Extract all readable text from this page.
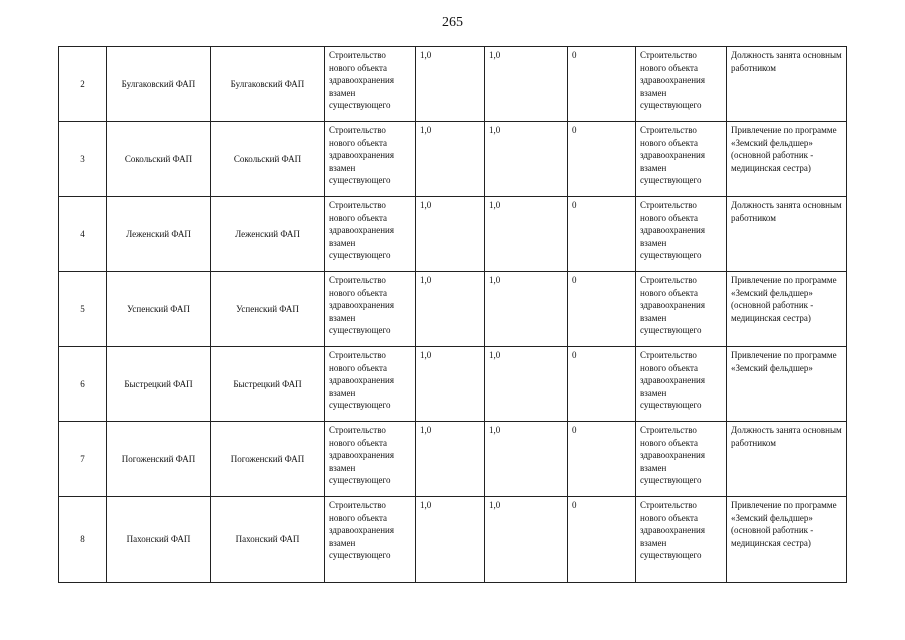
265
2	Булгаковский ФАП	Булгаковский ФАП	Строительство нового объекта здравоохранения взамен существующего	1,0	1,0	0	Строительство нового объекта здравоохранения взамен существующего	Должность занята основным работником
3	Сокольский ФАП	Сокольский ФАП	Строительство нового объекта здравоохранения взамен существующего	1,0	1,0	0	Строительство нового объекта здравоохранения взамен существующего	Привлечение по программе «Земский фельдшер» (основной работник - медицинская сестра)
4	Леженский ФАП	Леженский ФАП	Строительство нового объекта здравоохранения взамен существующего	1,0	1,0	0	Строительство нового объекта здравоохранения взамен существующего	Должность занята основным работником
5	Успенский ФАП	Успенский ФАП	Строительство нового объекта здравоохранения взамен существующего	1,0	1,0	0	Строительство нового объекта здравоохранения взамен существующего	Привлечение по программе «Земский фельдшер» (основной работник - медицинская сестра)
6	Быстрецкий ФАП	Быстрецкий ФАП	Строительство нового объекта здравоохранения взамен существующего	1,0	1,0	0	Строительство нового объекта здравоохранения взамен существующего	Привлечение по программе «Земский фельдшер»
7	Погоженский ФАП	Погоженский ФАП	Строительство нового объекта здравоохранения взамен существующего	1,0	1,0	0	Строительство нового объекта здравоохранения взамен существующего	Должность занята основным работником
8	Пахонский ФАП	Пахонский ФАП	Строительство нового объекта здравоохранения взамен существующего	1,0	1,0	0	Строительство нового объекта здравоохранения взамен существующего	Привлечение по программе «Земский фельдшер» (основной работник - медицинская сестра)
